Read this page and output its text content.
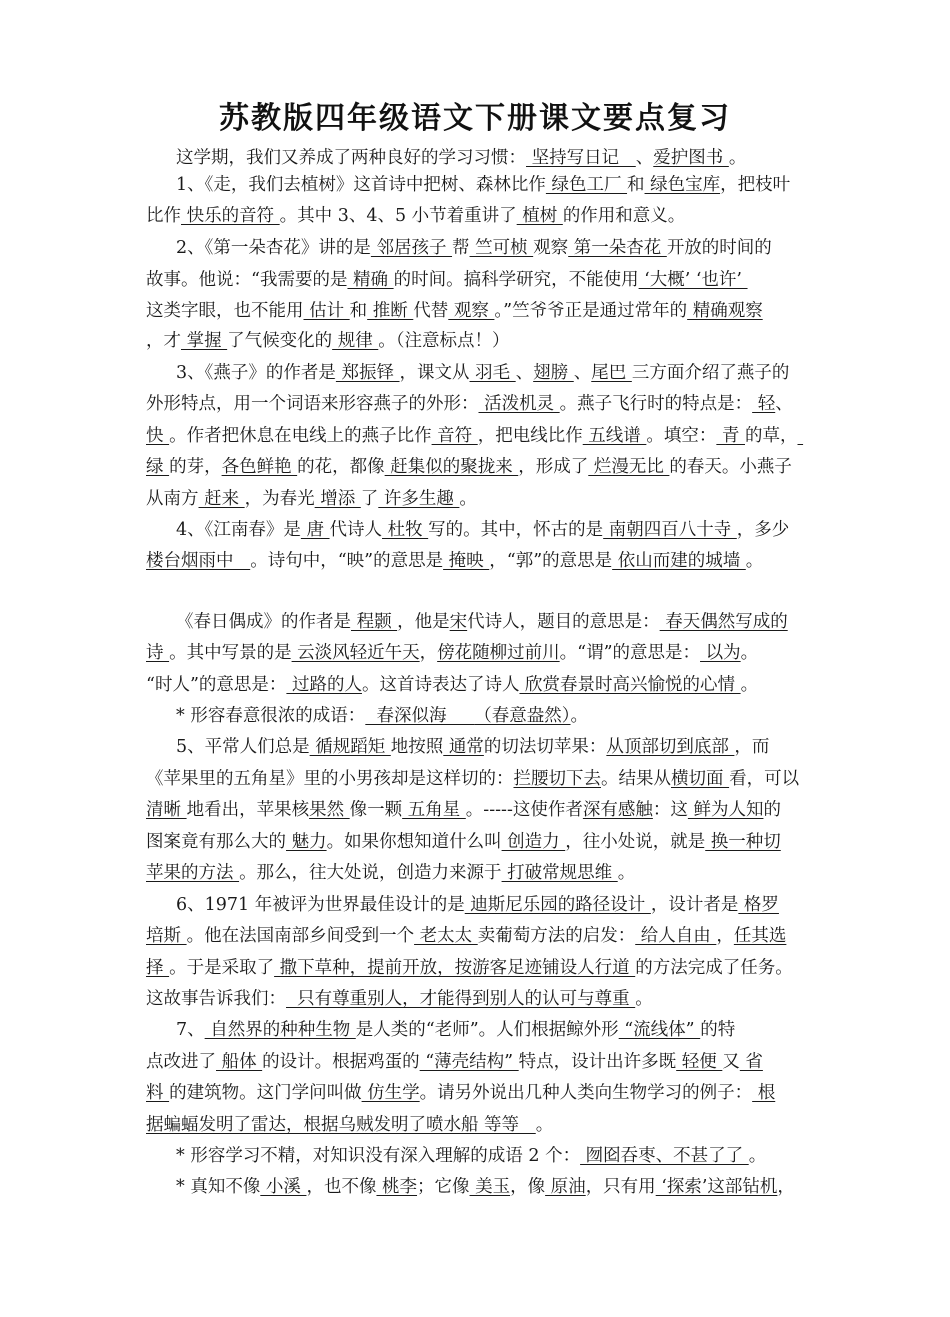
苏教版四年级语文下册课文要点复习
这学期，我们又养成了两种良好的学习习惯： 坚持写日记   、爱护图书 。
1、《走，我们去植树》这首诗中把树、森林比作 绿色工厂 和 绿色宝库，把枝叶
比作 快乐的音符 。其中 3、4、5 小节着重讲了 植树 的作用和意义。
2、《第一朵杏花》讲的是 邻居孩子 帮 竺可桢 观察 第一朵杏花 开放的时间的
故事。他说：“我需要的是 精确 的时间。搞科学研究，不能使用 ‘大概’ ‘也许’
这类字眼，也不能用 估计 和 推断 代替 观察 。”竺爷爷正是通过常年的 精确观察
，才 掌握 了气候变化的 规律 。（注意标点！）
3、《燕子》的作者是 郑振铎 ，课文从 羽毛 、翅膀 、尾巴 三方面介绍了燕子的
外形特点，用一个词语来形容燕子的外形： 活泼机灵 。燕子飞行时的特点是： 轻、
快 。作者把休息在电线上的燕子比作 音符 ，把电线比作 五线谱 。填空： 青 的草，
绿 的芽，各色鲜艳 的花，都像 赶集似的聚拢来 ，形成了 烂漫无比 的春天。小燕子
从南方 赶来 ，为春光 增添 了 许多生趣 。
4、《江南春》是 唐 代诗人 杜牧 写的。其中，怀古的是 南朝四百八十寺 ，多少
楼台烟雨中   。诗句中，“映”的意思是 掩映 ，“郭”的意思是 依山而建的城墙 。
《春日偶成》的作者是 程颢 ，他是宋代诗人，题目的意思是： 春天偶然写成的
诗 。其中写景的是 云淡风轻近午天，傍花随柳过前川。“谓”的意思是： 以为。
“时人”的意思是： 过路的人。这首诗表达了诗人 欣赏春景时高兴愉悦的心情 。
* 形容春意很浓的成语：  春深似海     （春意盎然）。
5、平常人们总是 循规蹈矩 地按照 通常的切法切苹果：从顶部切到底部 ，而
《苹果里的五角星》里的小男孩却是这样切的：拦腰切下去。结果从横切面 看，可以
清晰 地看出，苹果核果然 像一颗 五角星 。-----这使作者深有感触：这 鲜为人知的
图案竟有那么大的 魅力。如果你想知道什么叫 创造力 ，往小处说，就是 换一种切
苹果的方法 。那么，往大处说，创造力来源于 打破常规思维 。
6、1971 年被评为世界最佳设计的是 迪斯尼乐园的路径设计 ，设计者是 格罗
培斯 。他在法国南部乡间受到一个 老太太 卖葡萄方法的启发： 给人自由 ，任其选
择 。于是采取了 撒下草种，提前开放，按游客足迹铺设人行道 的方法完成了任务。
这故事告诉我们：  只有尊重别人，才能得到别人的认可与尊重 。
7、 自然界的种种生物 是人类的“老师”。人们根据鲸外形 “流线体” 的特
点改进了 船体 的设计。根据鸡蛋的 “薄壳结构” 特点，设计出许多既 轻便 又 省
料 的建筑物。这门学问叫做 仿生学。请另外说出几种人类向生物学习的例子： 根
据蝙蝠发明了雷达，根据乌贼发明了喷水船 等等   。
* 形容学习不精，对知识没有深入理解的成语 2 个： 囫囵吞枣、不甚了了 。
* 真知不像 小溪 ，也不像 桃李；它像 美玉，像 原油，只有用 ‘探索’这部钻机，
